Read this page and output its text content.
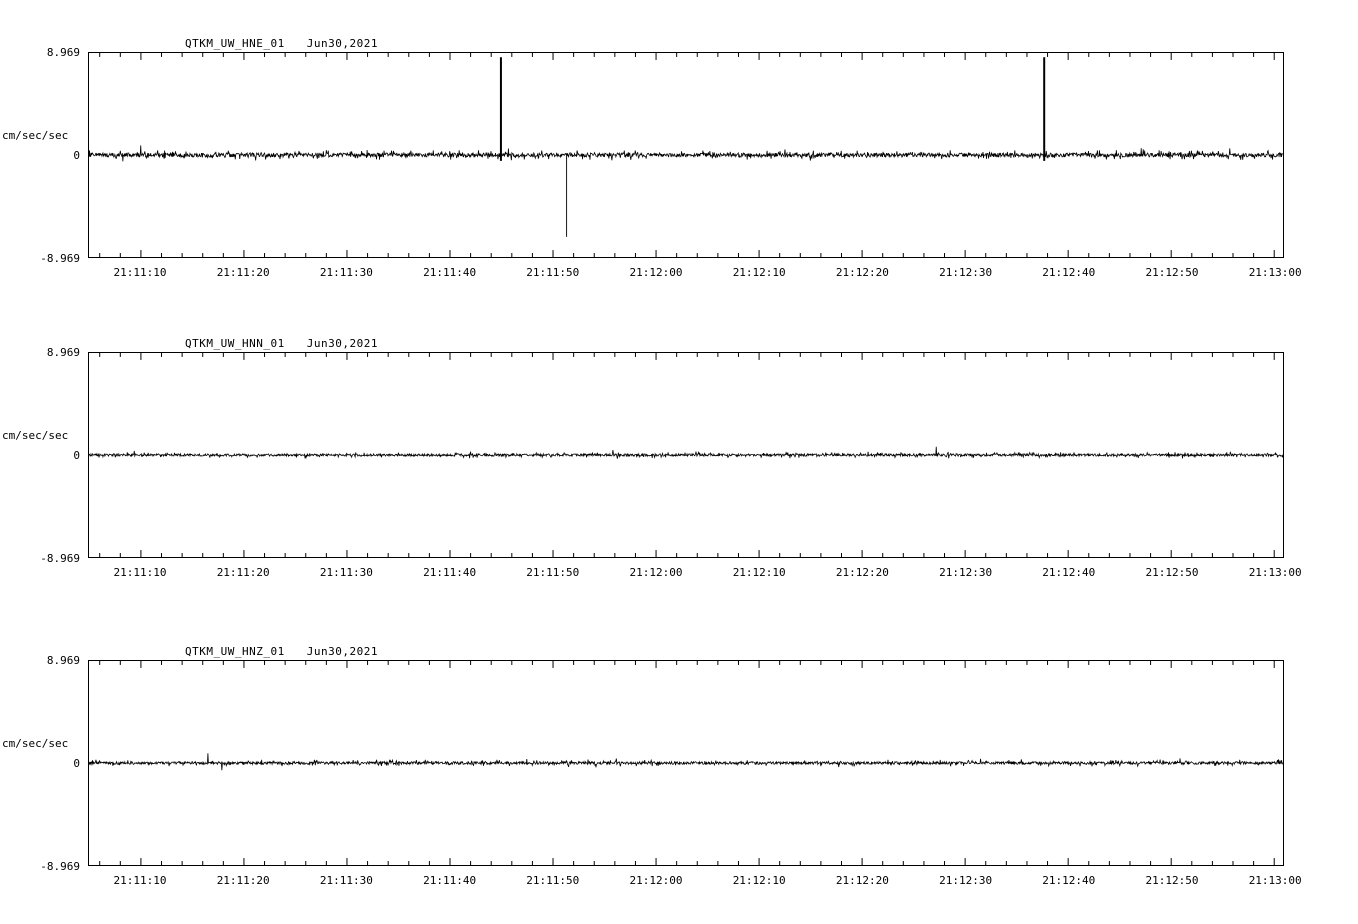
QTKM_UW_HNE_01 Jun30,2021
cm/sec/sec
8.969
0
-8.969
21:11:10	21:11:20	21:11:30	21:11:40	21:11:50	21:12:00	21:12:10	21:12:20	21:12:30	21:12:40	21:12:50	21:13:00
QTKM_UW_HNN_01 Jun30,2021
cm/sec/sec
8.969
0
-8.969
21:11:10	21:11:20	21:11:30	21:11:40	21:11:50	21:12:00	21:12:10	21:12:20	21:12:30	21:12:40	21:12:50	21:13:00
QTKM_UW_HNZ_01 Jun30,2021
cm/sec/sec
8.969
0
-8.969
21:11:10	21:11:20	21:11:30	21:11:40	21:11:50	21:12:00	21:12:10	21:12:20	21:12:30	21:12:40	21:12:50	21:13:00
